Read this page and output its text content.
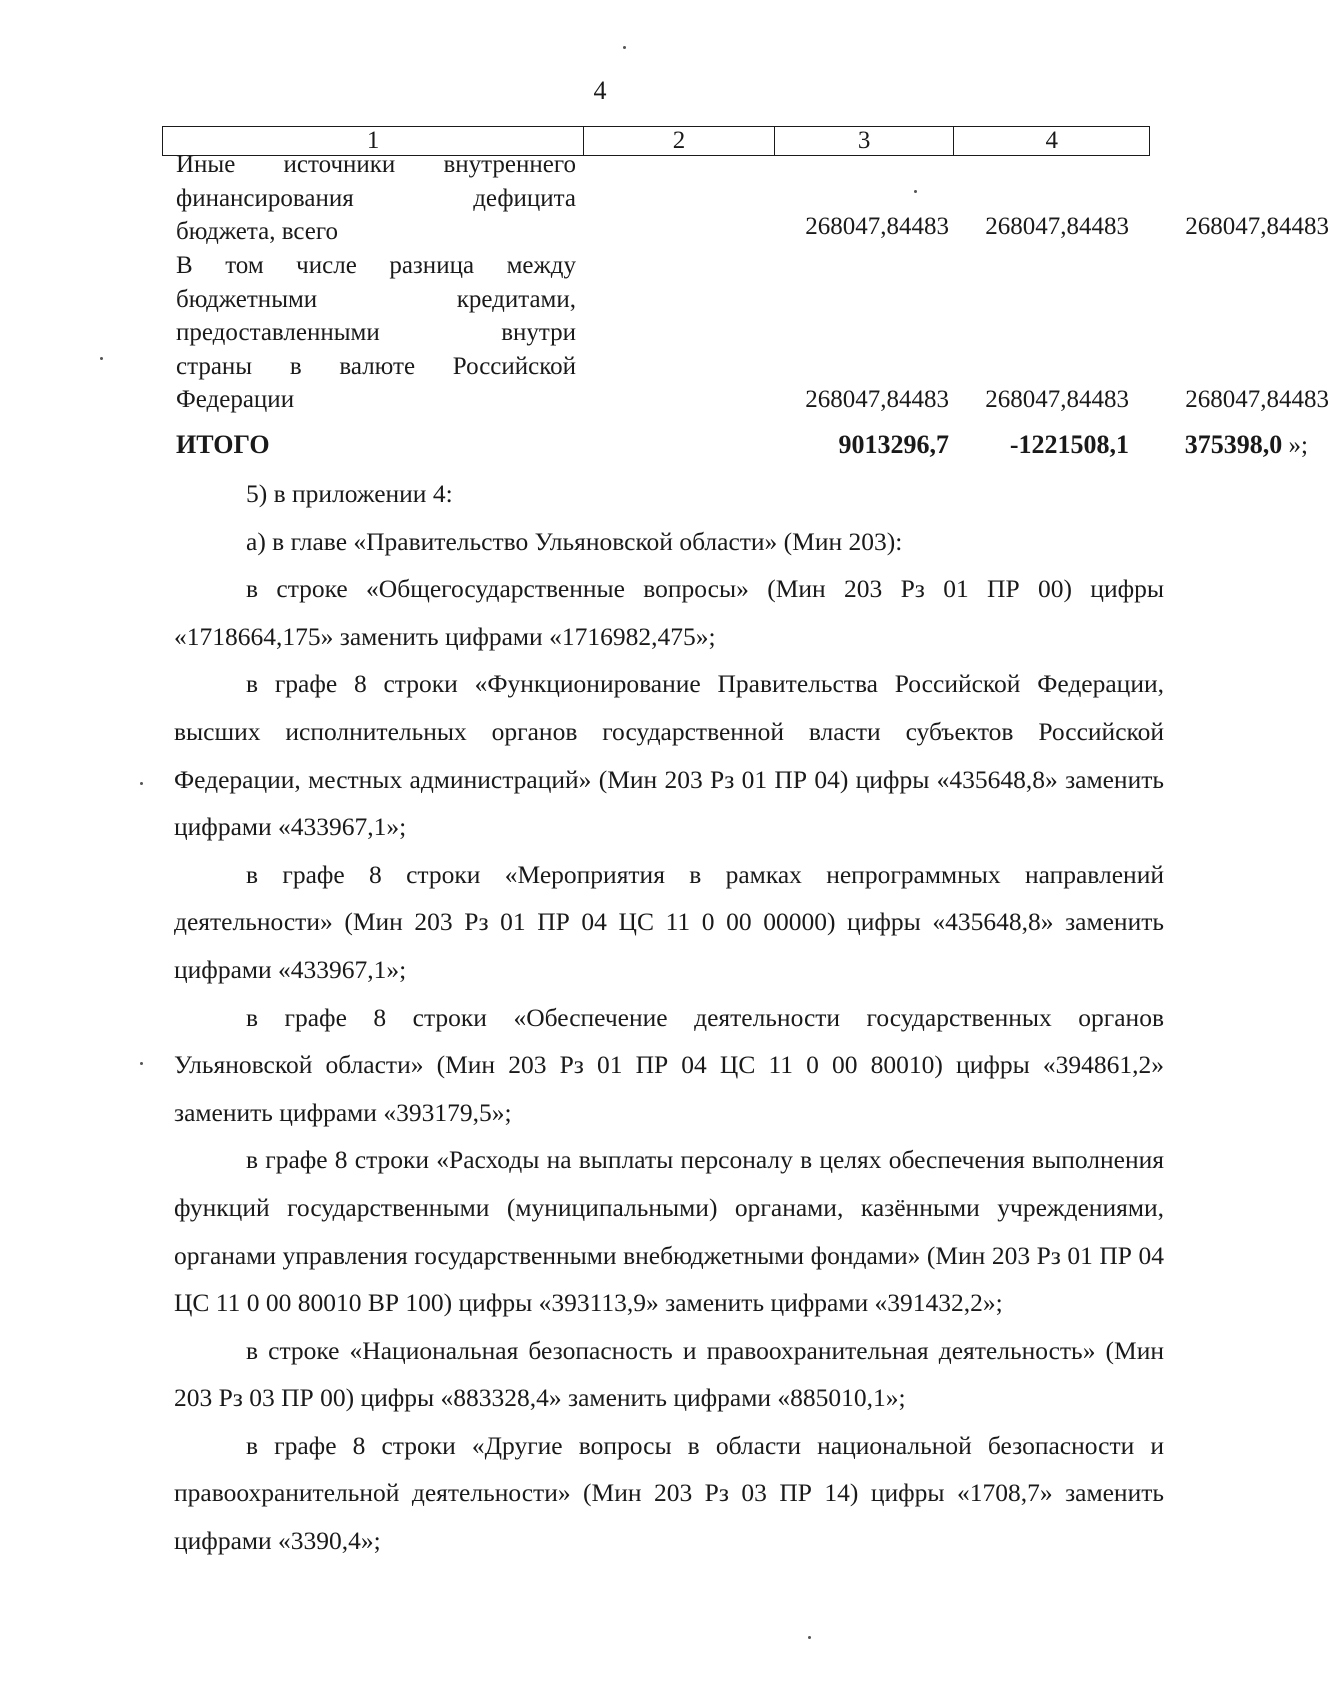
4
1	2	3	4
Иные источники внутреннего
финансирования дефицита
бюджета, всего	268047,84483	268047,84483	268047,84483
В том числе разница между
бюджетными кредитами,
предоставленными внутри
страны в валюте Российской
Федерации	268047,84483	268047,84483	268047,84483
ИТОГО	9013296,7	-1221508,1	375398,0 »;

5) в приложении 4:

а) в главе «Правительство Ульяновской области» (Мин 203):

в строке «Общегосударственные вопросы» (Мин 203 Рз 01 ПР 00) цифры «1718664,175» заменить цифрами «1716982,475»;

в графе 8 строки «Функционирование Правительства Российской Федерации, высших исполнительных органов государственной власти субъектов Российской Федерации, местных администраций» (Мин 203 Рз 01 ПР 04) цифры «435648,8» заменить цифрами «433967,1»;

в графе 8 строки «Мероприятия в рамках непрограммных направлений деятельности» (Мин 203 Рз 01 ПР 04 ЦС 11 0 00 00000) цифры «435648,8» заменить цифрами «433967,1»;

в графе 8 строки «Обеспечение деятельности государственных органов Ульяновской области» (Мин 203 Рз 01 ПР 04 ЦС 11 0 00 80010) цифры «394861,2» заменить цифрами «393179,5»;

в графе 8 строки «Расходы на выплаты персоналу в целях обеспечения выполнения функций государственными (муниципальными) органами, казёнными учреждениями, органами управления государственными внебюджетными фондами» (Мин 203 Рз 01 ПР 04 ЦС 11 0 00 80010 ВР 100) цифры «393113,9» заменить цифрами «391432,2»;

в строке «Национальная безопасность и правоохранительная деятельность» (Мин 203 Рз 03 ПР 00) цифры «883328,4» заменить цифрами «885010,1»;

в графе 8 строки «Другие вопросы в области национальной безопасности и правоохранительной деятельности» (Мин 203 Рз 03 ПР 14) цифры «1708,7» заменить цифрами «3390,4»;
